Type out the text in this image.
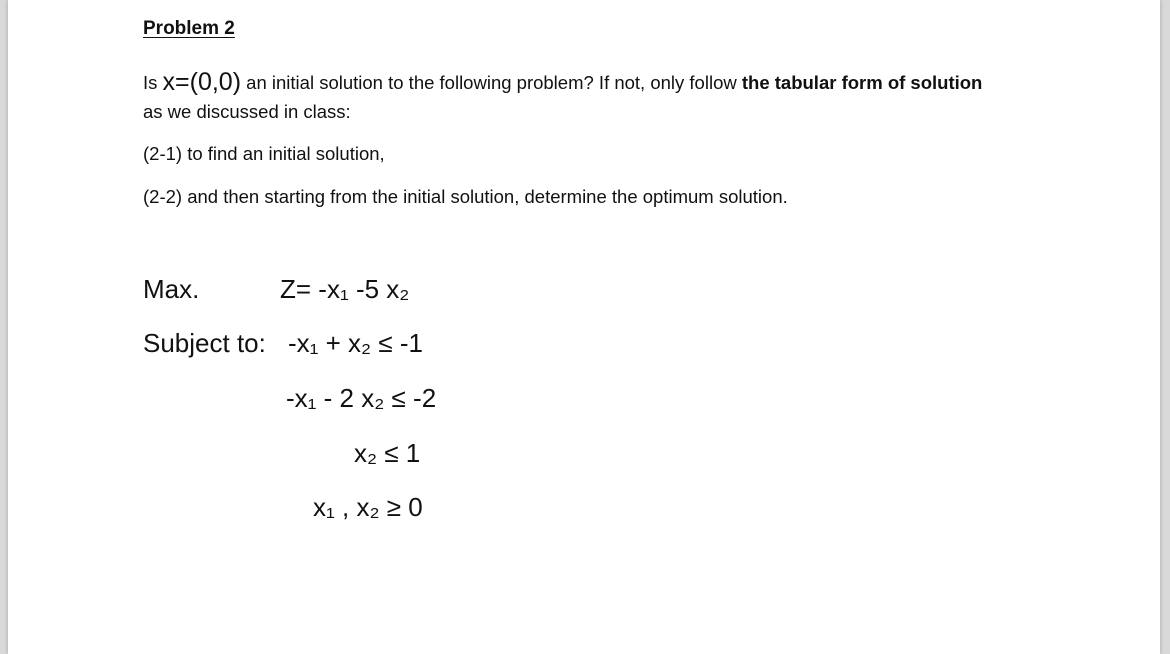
Problem 2
Is x=(0,0) an initial solution to the following problem? If not, only follow the tabular form of solution
as we discussed in class:
(2-1) to find an initial solution,
(2-2) and then starting from the initial solution, determine the optimum solution.
Max.	Z= -x₁ -5 x₂
Subject to: -x₁ + x₂ ≤ -1
-x₁ - 2 x₂ ≤ -2
x₂ ≤ 1
x₁ , x₂ ≥ 0
